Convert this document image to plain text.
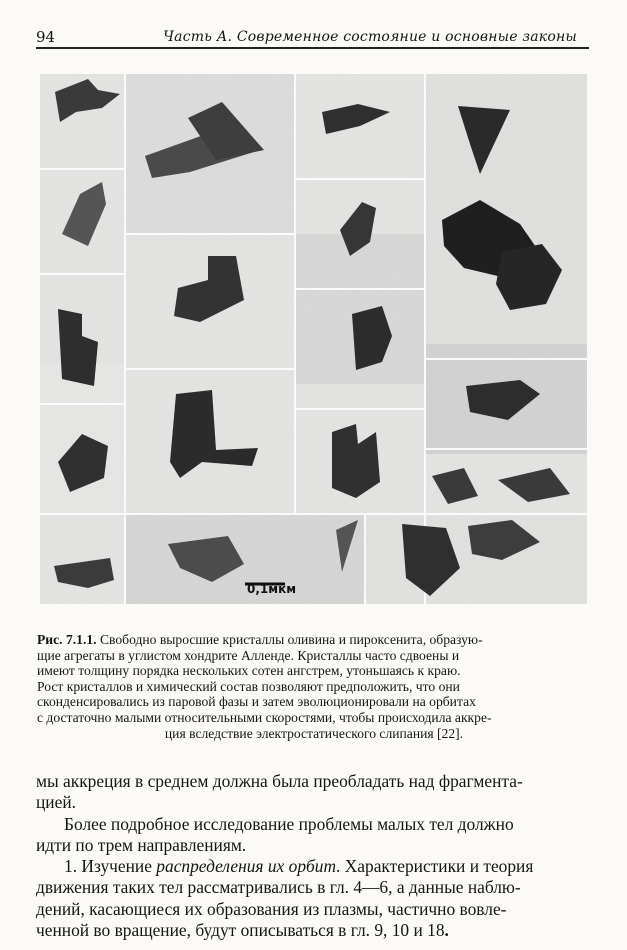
94	Часть А. Современное состояние и основные законы
0,1мкм
Рис. 7.1.1. Свободно выросшие кристаллы оливина и пироксенита, образую-
щие агрегаты в углистом хондрите Алленде. Кристаллы часто сдвоены и
имеют толщину порядка нескольких сотен ангстрем, утоньшаясь к краю.
Рост кристаллов и химический состав позволяют предположить, что они
сконденсировались из паровой фазы и затем эволюционировали на орбитах
с достаточно малыми относительными скоростями, чтобы происходила аккре-
ция вследствие электростатического слипания [22].

мы аккреция в среднем должна была преобладать над фрагмента-
цией.

Более подробное исследование проблемы малых тел должно
идти по трем направлениям.

1. Изучение распределения их орбит. Характеристики и теория
движения таких тел рассматривались в гл. 4—6, а данные наблю-
дений, касающиеся их образования из плазмы, частично вовле-
ченной во вращение, будут описываться в гл. 9, 10 и 18.
